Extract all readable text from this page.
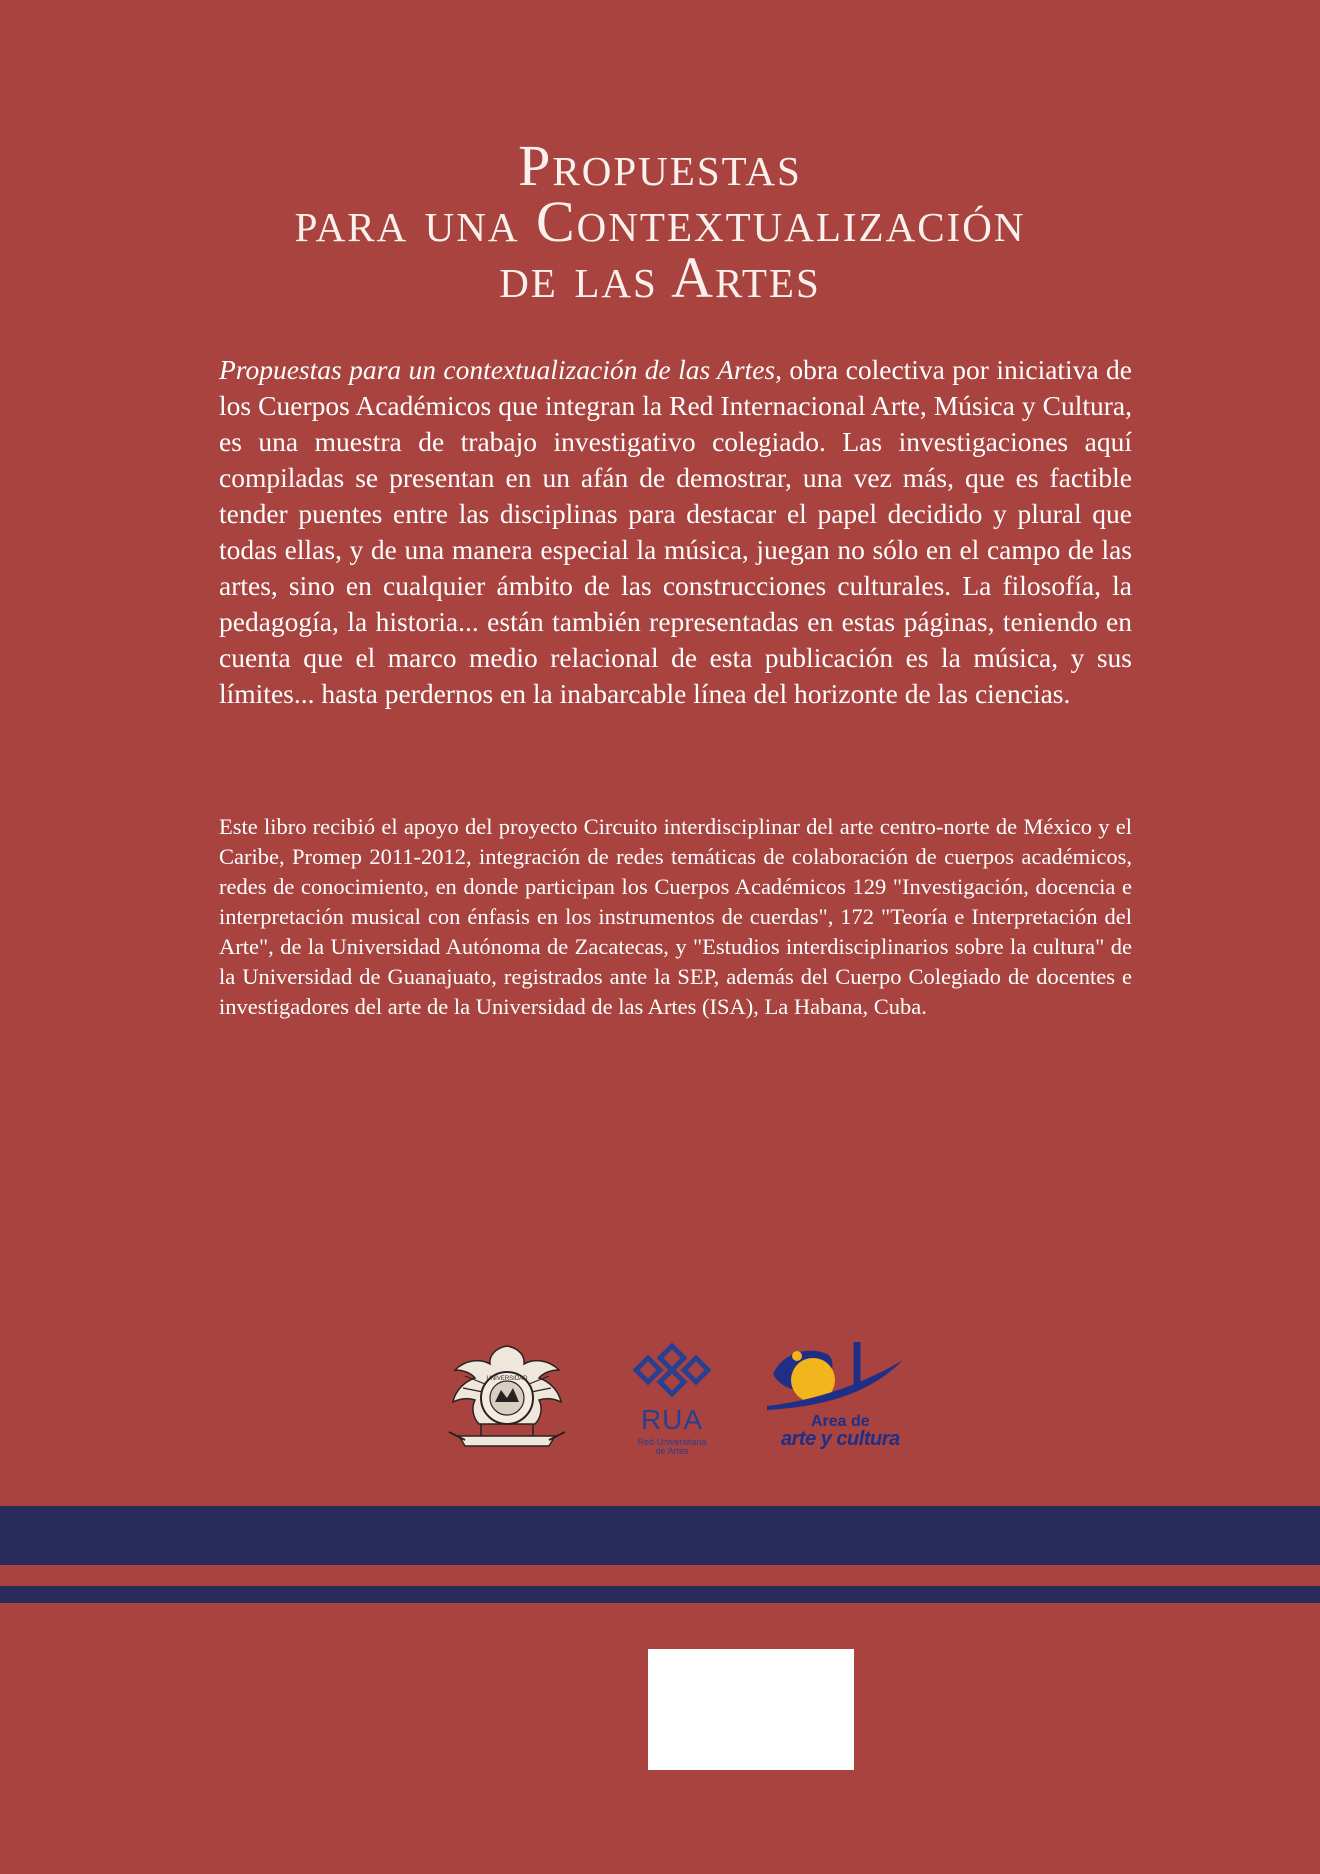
Propuestas
para una Contextualización
de las Artes
Propuestas para un contextualización de las Artes, obra colectiva por iniciativa de los Cuerpos Académicos que integran la Red Internacional Arte, Música y Cultura, es una muestra de trabajo investigativo colegiado. Las investigaciones aquí compiladas se presentan en un afán de demostrar, una vez más, que es factible tender puentes entre las disciplinas para destacar el papel decidido y plural que todas ellas, y de una manera especial la música, juegan no sólo en el campo de las artes, sino en cualquier ámbito de las construcciones culturales. La filosofía, la pedagogía, la historia... están también representadas en estas páginas, teniendo en cuenta que el marco medio relacional de esta publicación es la música, y sus límites... hasta perdernos en la inabarcable línea del horizonte de las ciencias.
Este libro recibió el apoyo del proyecto Circuito interdisciplinar del arte centro-norte de México y el Caribe, Promep 2011-2012, integración de redes temáticas de colaboración de cuerpos académicos, redes de conocimiento, en donde participan los Cuerpos Académicos 129 "Investigación, docencia e interpretación musical con énfasis en los instrumentos de cuerdas", 172 "Teoría e Interpretación del Arte", de la Universidad Autónoma de Zacatecas, y "Estudios interdisciplinarios sobre la cultura" de la Universidad de Guanajuato, registrados ante la SEP, además del Cuerpo Colegiado de docentes e investigadores del arte de la Universidad de las Artes (ISA), La Habana, Cuba.
UNIVERSIDAD
RUA
Red Universitaria
de Artes
Area de
arte y cultura
